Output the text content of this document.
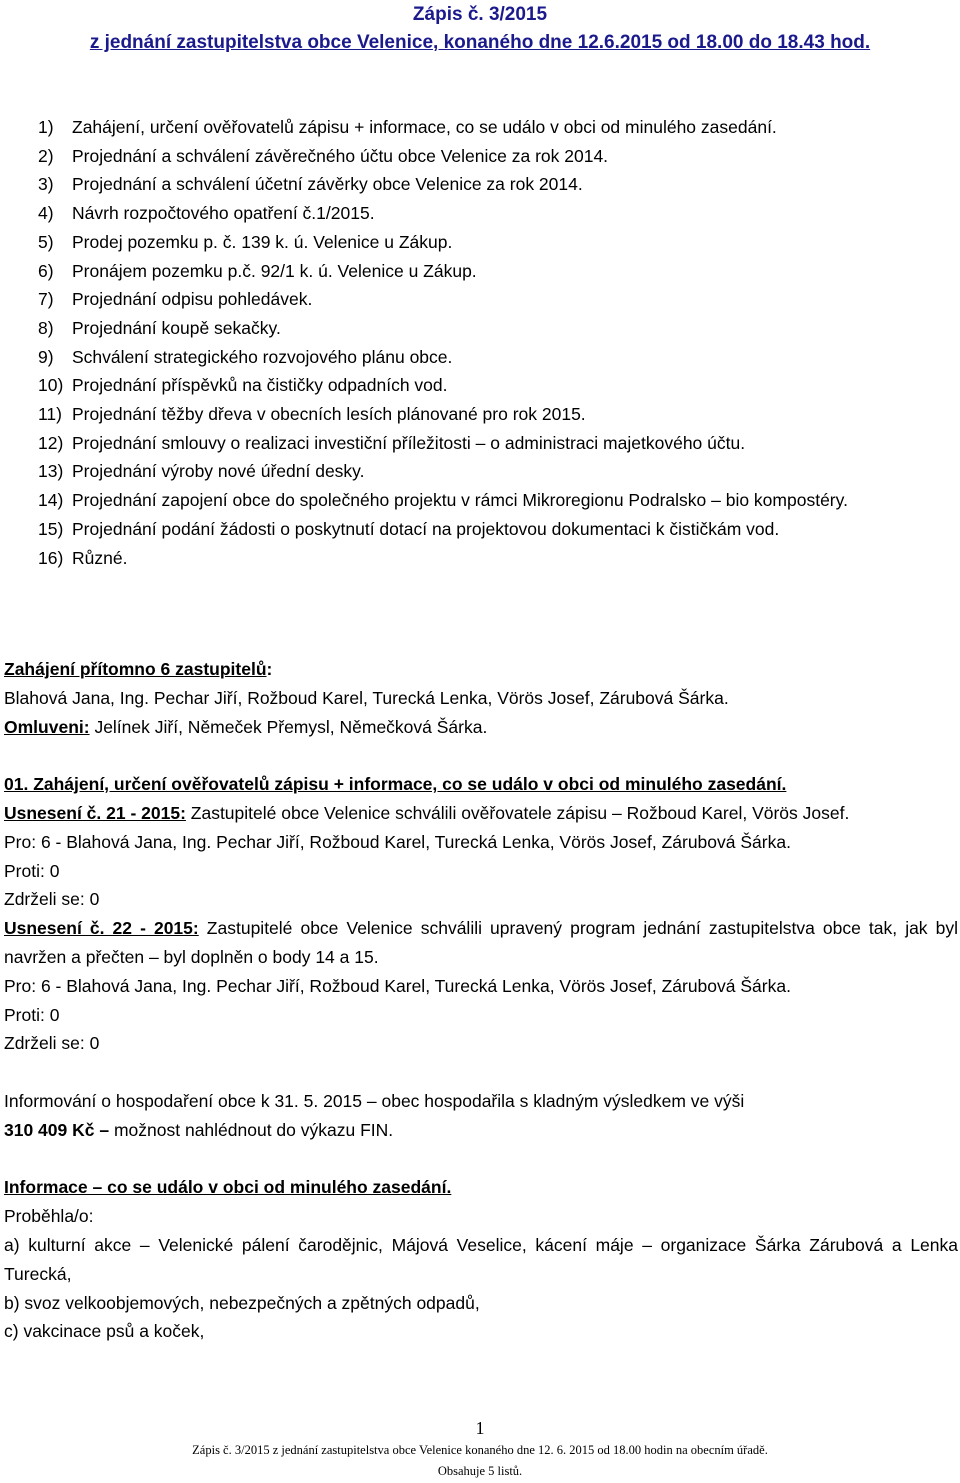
Zápis č. 3/2015
z jednání zastupitelstva obce Velenice, konaného dne 12.6.2015 od 18.00 do 18.43 hod.
1) Zahájení, určení ověřovatelů zápisu + informace, co se událo v obci od minulého zasedání.
2) Projednání a schválení závěrečného účtu obce Velenice za rok 2014.
3) Projednání a schválení účetní závěrky obce Velenice za rok 2014.
4) Návrh rozpočtového opatření č.1/2015.
5) Prodej pozemku p. č. 139 k. ú. Velenice u Zákup.
6) Pronájem pozemku p.č. 92/1 k. ú. Velenice u Zákup.
7) Projednání odpisu pohledávek.
8) Projednání koupě sekačky.
9) Schválení strategického rozvojového plánu obce.
10) Projednání příspěvků na čističky odpadních vod.
11) Projednání těžby dřeva v obecních lesích plánované pro rok 2015.
12) Projednání smlouvy o realizaci investiční příležitosti – o administraci majetkového účtu.
13) Projednání výroby nové úřední desky.
14) Projednání zapojení obce do společného projektu v rámci Mikroregionu Podralsko – bio kompostéry.
15) Projednání podání žádosti o poskytnutí dotací na projektovou dokumentaci k čističkám vod.
16) Různé.

Zahájení přítomno 6 zastupitelů:

Blahová Jana, Ing. Pechar Jiří, Rožboud Karel, Turecká Lenka, Vörös Josef, Zárubová Šárka.

Omluveni: Jelínek Jiří, Němeček Přemysl, Němečková Šárka.

01. Zahájení, určení ověřovatelů zápisu + informace, co se událo v obci od minulého zasedání.

Usnesení č. 21 - 2015: Zastupitelé obce Velenice schválili ověřovatele zápisu – Rožboud Karel, Vörös Josef.

Pro: 6 - Blahová Jana, Ing. Pechar Jiří, Rožboud Karel, Turecká Lenka, Vörös Josef, Zárubová Šárka.

Proti: 0

Zdrželi se: 0

Usnesení č. 22 - 2015: Zastupitelé obce Velenice schválili upravený program jednání zastupitelstva obce tak, jak byl navržen a přečten – byl doplněn o body 14 a 15.

Pro: 6 - Blahová Jana, Ing. Pechar Jiří, Rožboud Karel, Turecká Lenka, Vörös Josef, Zárubová Šárka.

Proti: 0

Zdrželi se: 0

Informování o hospodaření obce k 31. 5. 2015 – obec hospodařila s kladným výsledkem ve výši

310 409 Kč – možnost nahlédnout do výkazu FIN.

Informace – co se událo v obci od minulého zasedání.

Proběhla/o:

a) kulturní akce – Velenické pálení čarodějnic, Májová Veselice, kácení máje – organizace Šárka Zárubová a Lenka Turecká,

b) svoz velkoobjemových, nebezpečných a zpětných odpadů,

c) vakcinace psů a koček,

1
Zápis č. 3/2015 z jednání zastupitelstva obce Velenice konaného dne 12. 6. 2015 od 18.00 hodin na obecním úřadě.
Obsahuje 5 listů.
